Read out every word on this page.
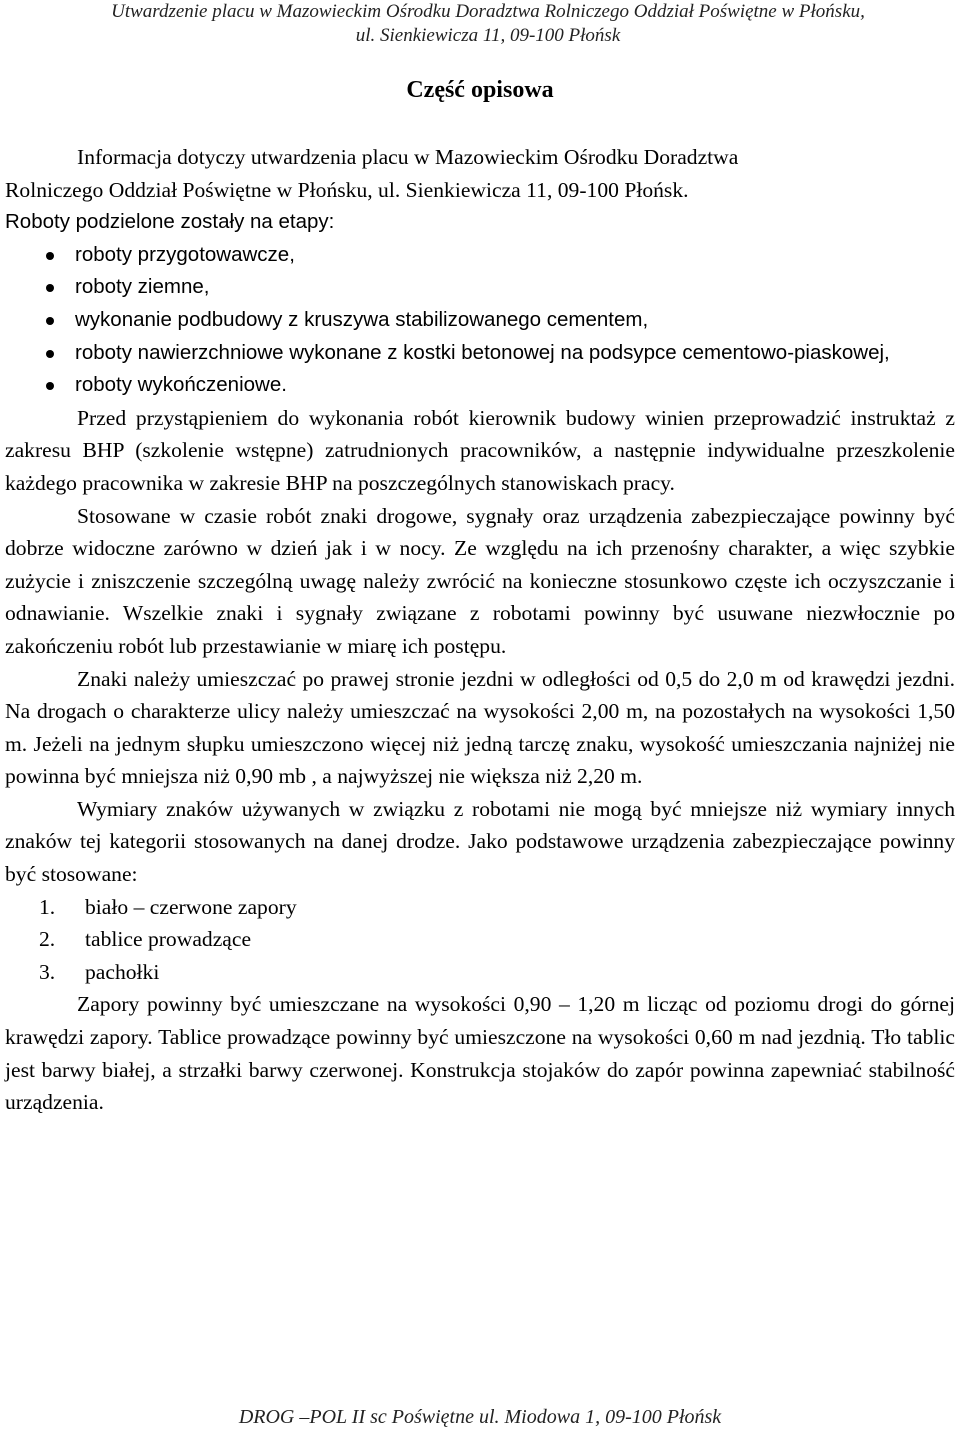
Utwardzenie placu w Mazowieckim Ośrodku Doradztwa Rolniczego Oddział Poświętne w Płońsku,
ul. Sienkiewicza 11, 09-100 Płońsk
Część opisowa

Informacja dotyczy utwardzenia placu w Mazowieckim Ośrodku Doradztwa

Rolniczego Oddział Poświętne w Płońsku, ul. Sienkiewicza 11, 09-100 Płońsk.

Roboty podzielone zostały na etapy:

roboty przygotowawcze,
roboty ziemne,
wykonanie podbudowy z kruszywa stabilizowanego cementem,
roboty nawierzchniowe wykonane z kostki betonowej na podsypce cementowo-piaskowej,
roboty wykończeniowe.

Przed przystąpieniem do wykonania robót kierownik budowy winien przeprowadzić instruktaż z zakresu BHP (szkolenie wstępne) zatrudnionych pracowników, a następnie indywidualne przeszkolenie każdego pracownika w zakresie BHP na poszczególnych stanowiskach pracy.

Stosowane w czasie robót znaki drogowe, sygnały oraz urządzenia zabezpieczające powinny być dobrze widoczne zarówno w dzień jak i w nocy. Ze względu na ich przenośny charakter, a więc szybkie zużycie i zniszczenie szczególną uwagę należy zwrócić na konieczne stosunkowo częste ich oczyszczanie i odnawianie. Wszelkie znaki i sygnały związane z robotami powinny być usuwane niezwłocznie po zakończeniu robót lub przestawianie w miarę ich postępu.

Znaki należy umieszczać po prawej stronie jezdni w odległości od 0,5 do 2,0 m od krawędzi jezdni. Na drogach o charakterze ulicy należy umieszczać na wysokości 2,00 m, na pozostałych na wysokości 1,50 m. Jeżeli na jednym słupku umieszczono więcej niż jedną tarczę znaku, wysokość umieszczania najniżej nie powinna być mniejsza niż 0,90 mb , a najwyższej nie większa niż 2,20 m.

Wymiary znaków używanych w związku z robotami nie mogą być mniejsze niż wymiary innych znaków tej kategorii stosowanych na danej drodze. Jako podstawowe urządzenia zabezpieczające powinny być stosowane:

1. biało – czerwone zapory
2. tablice prowadzące
3. pachołki

Zapory powinny być umieszczane na wysokości 0,90 – 1,20 m licząc od poziomu drogi do górnej krawędzi zapory. Tablice prowadzące powinny być umieszczone na wysokości 0,60 m nad jezdnią. Tło tablic jest barwy białej, a strzałki barwy czerwonej. Konstrukcja stojaków do zapór powinna zapewniać stabilność urządzenia.

DROG –POL II sc Poświętne ul. Miodowa 1, 09-100 Płońsk
